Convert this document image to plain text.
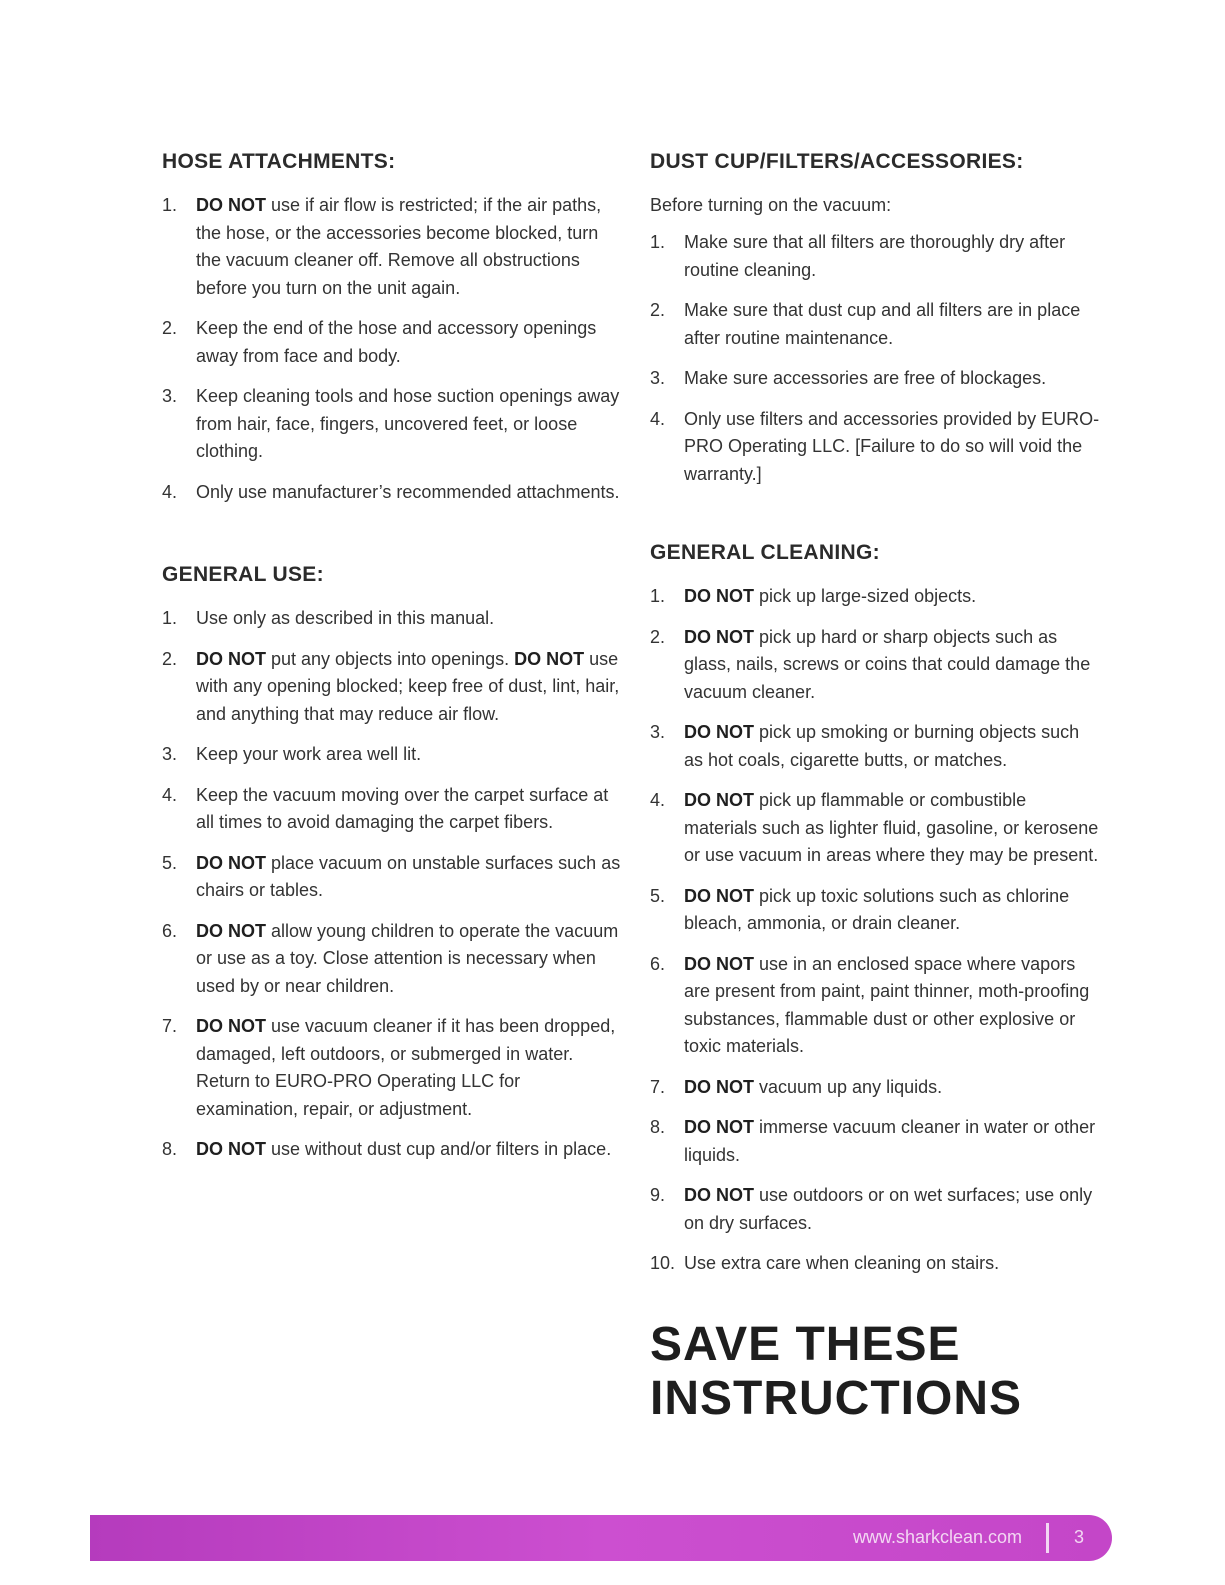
HOSE ATTACHMENTS:
1. DO NOT use if air flow is restricted; if the air paths, the hose, or the accessories become blocked, turn the vacuum cleaner off. Remove all obstructions before you turn on the unit again.
2. Keep the end of the hose and accessory openings away from face and body.
3. Keep cleaning tools and hose suction openings away from hair, face, fingers, uncovered feet, or loose clothing.
4. Only use manufacturer’s recommended attachments.
GENERAL USE:
1. Use only as described in this manual.
2. DO NOT put any objects into openings. DO NOT use with any opening blocked; keep free of dust, lint, hair, and anything that may reduce air flow.
3. Keep your work area well lit.
4. Keep the vacuum moving over the carpet surface at all times to avoid damaging the carpet fibers.
5. DO NOT place vacuum on unstable surfaces such as chairs or tables.
6. DO NOT allow young children to operate the vacuum or use as a toy. Close attention is necessary when used by or near children.
7. DO NOT use vacuum cleaner if it has been dropped, damaged, left outdoors, or submerged in water. Return to EURO-PRO Operating LLC for examination, repair, or adjustment.
8. DO NOT use without dust cup and/or filters in place.
DUST CUP/FILTERS/ACCESSORIES:

Before turning on the vacuum:

1. Make sure that all filters are thoroughly dry after routine cleaning.
2. Make sure that dust cup and all filters are in place after routine maintenance.
3. Make sure accessories are free of blockages.
4. Only use filters and accessories provided by EURO-PRO Operating LLC. [Failure to do so will void the warranty.]
GENERAL CLEANING:
1. DO NOT pick up large-sized objects.
2. DO NOT pick up hard or sharp objects such as glass, nails, screws or coins that could damage the vacuum cleaner.
3. DO NOT pick up smoking or burning objects such as hot coals, cigarette butts, or matches.
4. DO NOT pick up flammable or combustible materials such as lighter fluid, gasoline, or kerosene or use vacuum in areas where they may be present.
5. DO NOT pick up toxic solutions such as chlorine bleach, ammonia, or drain cleaner.
6. DO NOT use in an enclosed space where vapors are present from paint, paint thinner, moth-proofing substances, flammable dust or other explosive or toxic materials.
7. DO NOT vacuum up any liquids.
8. DO NOT immerse vacuum cleaner in water or other liquids.
9. DO NOT use outdoors or on wet surfaces; use only on dry surfaces.
10. Use extra care when cleaning on stairs.
SAVE THESE
INSTRUCTIONS
www.sharkclean.com	3
